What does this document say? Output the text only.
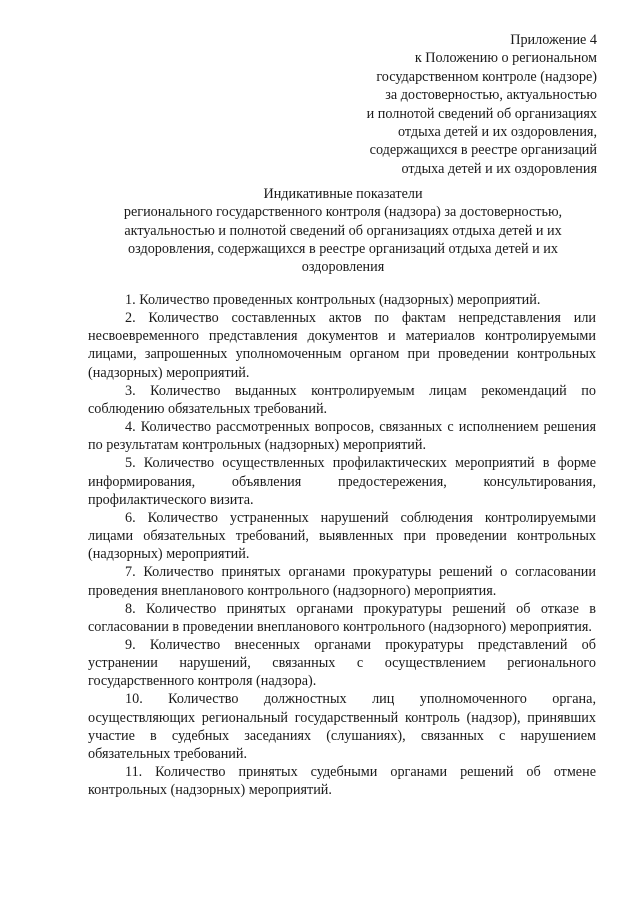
Приложение 4
к Положению о региональном
государственном контроле (надзоре)
за достоверностью, актуальностью
и полнотой сведений об организациях
отдыха детей и их оздоровления,
содержащихся в реестре организаций
отдыха детей и их оздоровления
Индикативные показатели
регионального государственного контроля (надзора) за достоверностью,
актуальностью и полнотой сведений об организациях отдыха детей и их
оздоровления, содержащихся в реестре организаций отдыха детей и их
оздоровления

1. Количество проведенных контрольных (надзорных) мероприятий.

2. Количество составленных актов по фактам непредставления или несвоевременного представления документов и материалов контролируемыми лицами, запрошенных уполномоченным органом при проведении контрольных (надзорных) мероприятий.

3. Количество выданных контролируемым лицам рекомендаций по соблюдению обязательных требований.

4. Количество рассмотренных вопросов, связанных с исполнением решения по результатам контрольных (надзорных) мероприятий.

5. Количество осуществленных профилактических мероприятий в форме информирования, объявления предостережения, консультирования, профилактического визита.

6. Количество устраненных нарушений соблюдения контролируемыми лицами обязательных требований, выявленных при проведении контрольных (надзорных) мероприятий.

7. Количество принятых органами прокуратуры решений о согласовании проведения внепланового контрольного (надзорного) мероприятия.

8. Количество принятых органами прокуратуры решений об отказе в согласовании в проведении внепланового контрольного (надзорного) мероприятия.

9. Количество внесенных органами прокуратуры представлений об устранении нарушений, связанных с осуществлением регионального государственного контроля (надзора).

10. Количество должностных лиц уполномоченного органа, осуществляющих региональный государственный контроль (надзор), принявших участие в судебных заседаниях (слушаниях), связанных с нарушением обязательных требований.

11. Количество принятых судебными органами решений об отмене контрольных (надзорных) мероприятий.
